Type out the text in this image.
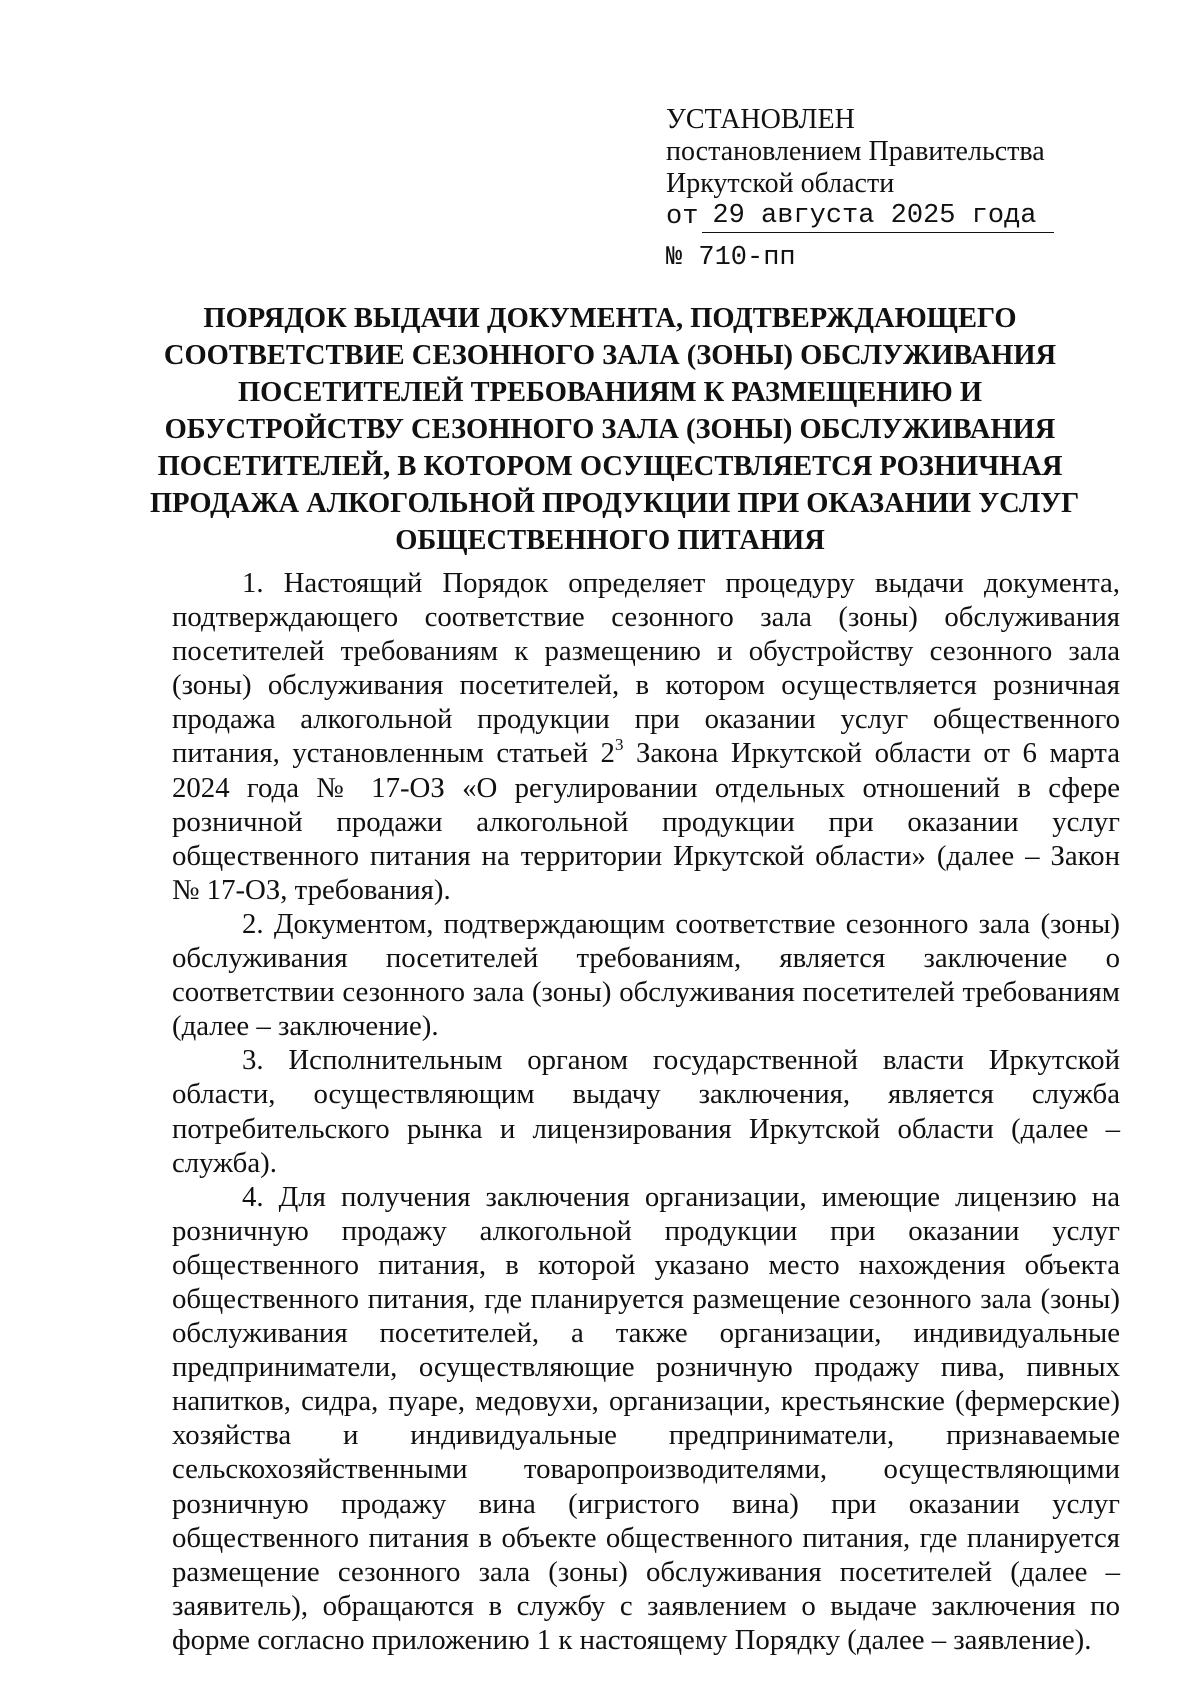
УСТАНОВЛЕН
постановлением Правительства
Иркутской области
от 29 августа 2025 года
№ 710-пп
ПОРЯДОК ВЫДАЧИ ДОКУМЕНТА, ПОДТВЕРЖДАЮЩЕГО
СООТВЕТСТВИЕ СЕЗОННОГО ЗАЛА (ЗОНЫ) ОБСЛУЖИВАНИЯ
ПОСЕТИТЕЛЕЙ ТРЕБОВАНИЯМ К РАЗМЕЩЕНИЮ И
ОБУСТРОЙСТВУ СЕЗОННОГО ЗАЛА (ЗОНЫ) ОБСЛУЖИВАНИЯ
ПОСЕТИТЕЛЕЙ, В КОТОРОМ ОСУЩЕСТВЛЯЕТСЯ РОЗНИЧНАЯ
ПРОДАЖА АЛКОГОЛЬНОЙ ПРОДУКЦИИ ПРИ ОКАЗАНИИ УСЛУГ
ОБЩЕСТВЕННОГО ПИТАНИЯ

1. Настоящий Порядок определяет процедуру выдачи документа, подтверждающего соответствие сезонного зала (зоны) обслуживания посетителей требованиям к размещению и обустройству сезонного зала (зоны) обслуживания посетителей, в котором осуществляется розничная продажа алкогольной продукции при оказании услуг общественного питания, установленным статьей $2^3$ Закона Иркутской области от 6 марта 2024 года № 17-ОЗ «О регулировании отдельных отношений в сфере розничной продажи алкогольной продукции при оказании услуг общественного питания на территории Иркутской области» (далее – Закон № 17-ОЗ, требования).

2. Документом, подтверждающим соответствие сезонного зала (зоны) обслуживания посетителей требованиям, является заключение о соответствии сезонного зала (зоны) обслуживания посетителей требованиям (далее – заключение).

3. Исполнительным органом государственной власти Иркутской области, осуществляющим выдачу заключения, является служба потребительского рынка и лицензирования Иркутской области (далее – служба).

4. Для получения заключения организации, имеющие лицензию на розничную продажу алкогольной продукции при оказании услуг общественного питания, в которой указано место нахождения объекта общественного питания, где планируется размещение сезонного зала (зоны) обслуживания посетителей, а также организации, индивидуальные предприниматели, осуществляющие розничную продажу пива, пивных напитков, сидра, пуаре, медовухи, организации, крестьянские (фермерские) хозяйства и индивидуальные предприниматели, признаваемые сельскохозяйственными товаропроизводителями, осуществляющими розничную продажу вина (игристого вина) при оказании услуг общественного питания в объекте общественного питания, где планируется размещение сезонного зала (зоны) обслуживания посетителей (далее – заявитель), обращаются в службу с заявлением о выдаче заключения по форме согласно приложению 1 к настоящему Порядку (далее – заявление).
